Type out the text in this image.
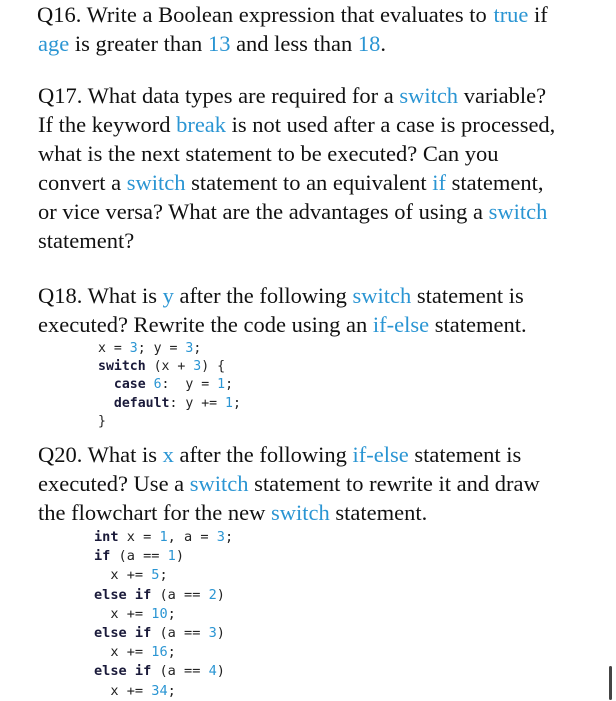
Q16. Write a Boolean expression that evaluates to true if
age is greater than 13 and less than 18.
Q17. What data types are required for a switch variable?
If the keyword break is not used after a case is processed,
what is the next statement to be executed? Can you
convert a switch statement to an equivalent if statement,
or vice versa? What are the advantages of using a switch
statement?
Q18. What is y after the following switch statement is
executed? Rewrite the code using an if-else statement.
x = 3; y = 3;
switch (x + 3) {
case 6:  y = 1;
default: y += 1;
}
Q20. What is x after the following if-else statement is
executed? Use a switch statement to rewrite it and draw
the flowchart for the new switch statement.
int x = 1, a = 3;
if (a == 1)
x += 5;
else if (a == 2)
x += 10;
else if (a == 3)
x += 16;
else if (a == 4)
x += 34;
